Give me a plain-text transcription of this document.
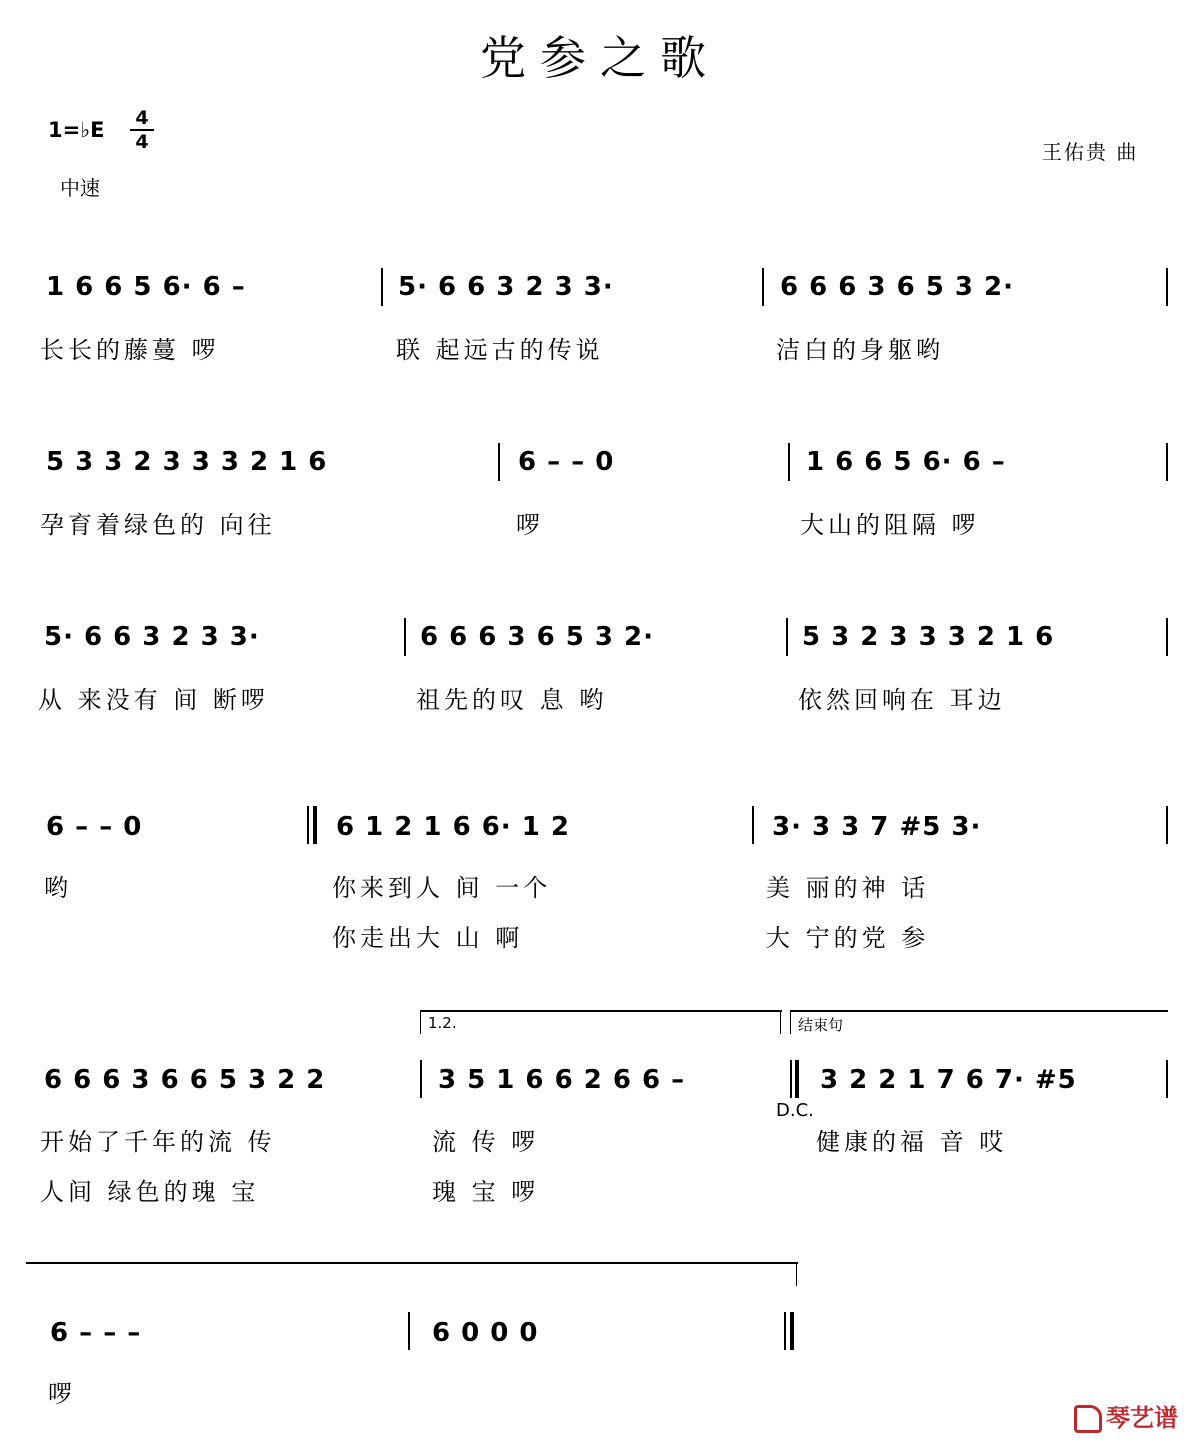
党参之歌
1=♭E 4
4
中速
王佑贵 曲
1 6 6 5 6· 6 –	5· 6 6 3 2 3 3·	6 6 6 3 6 5 3 2·
长长的藤蔓 啰	联 起远古的传说	洁白的身躯哟
5 3 3 2 3 3 3 2 1 6	6 – – 0	1 6 6 5 6· 6 –
孕育着绿色的 向往	啰	大山的阻隔 啰
5· 6 6 3 2 3 3·	6 6 6 3 6 5 3 2·	5 3 2 3 3 3 2 1 6
从 来没有 间 断啰	祖先的叹 息 哟	依然回响在 耳边
6 – – 0	6 1 2 1 6 6· 1 2	3· 3 3 7 #5 3·
哟	你来到人 间 一个	美 丽的神 话
你走出大 山 啊	大 宁的党 参
1.2.	结束句
6 6 6 3 6 6 5 3 2 2	3 5 1 6 6 2 6 6 –
D.C.
3 2 2 1 7 6 7· #5
开始了千年的流 传	流 传 啰	健康的福 音 哎
人间 绿色的瑰 宝	瑰 宝 啰
6 – – –	6 0 0 0
啰
琴艺谱
